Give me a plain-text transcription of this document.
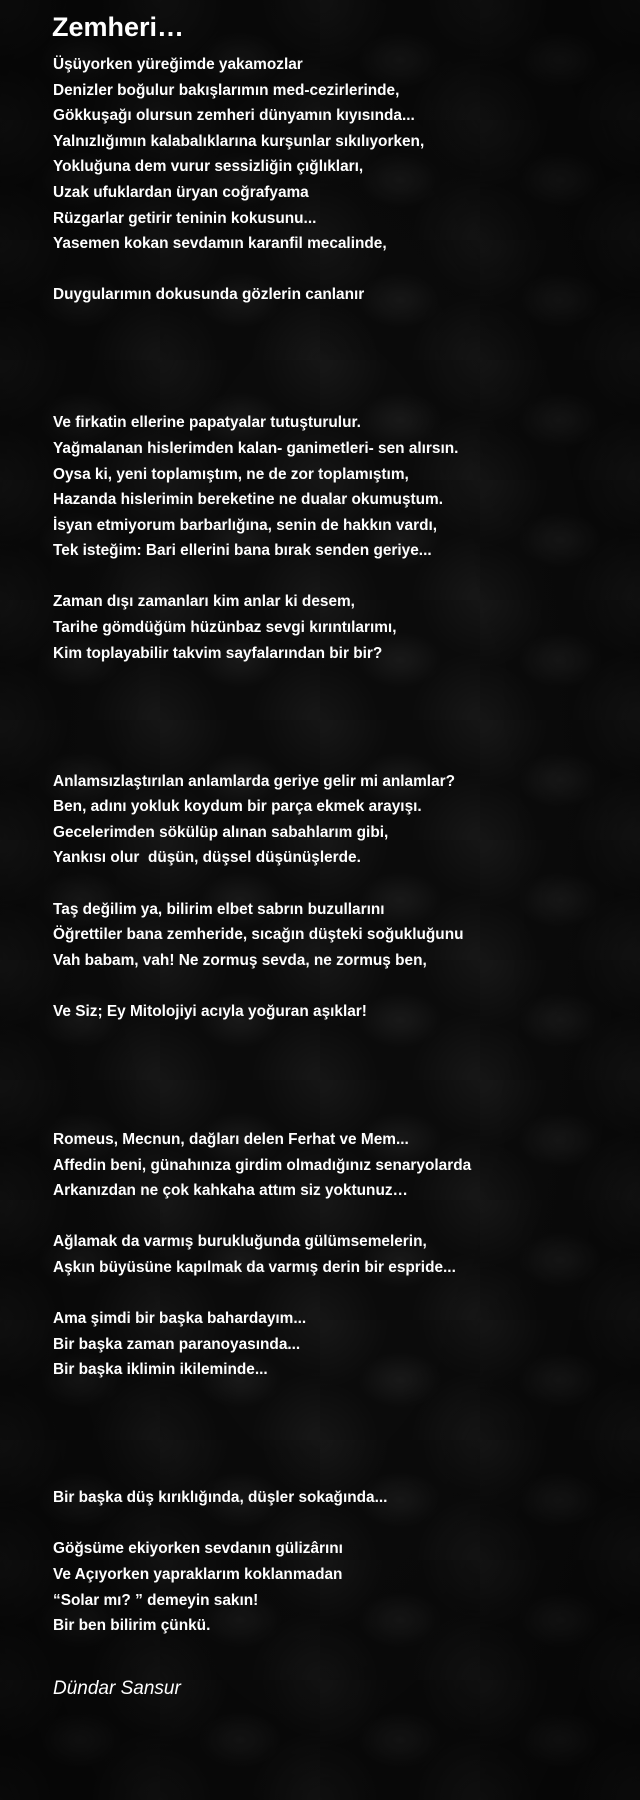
Zemheri…
Üşüyorken yüreğimde yakamozlar
Denizler boğulur bakışlarımın med-cezirlerinde,
Gökkuşağı olursun zemheri dünyamın kıyısında...
Yalnızlığımın kalabalıklarına kurşunlar sıkılıyorken,
Yokluğuna dem vurur sessizliğin çığlıkları,
Uzak ufuklardan üryan coğrafyama
Rüzgarlar getirir teninin kokusunu...
Yasemen kokan sevdamın karanfil mecalinde,
Duygularımın dokusunda gözlerin canlanır
Ve firkatin ellerine papatyalar tutuşturulur.
Yağmalanan hislerimden kalan- ganimetleri- sen alırsın.
Oysa ki, yeni toplamıştım, ne de zor toplamıştım,
Hazanda hislerimin bereketine ne dualar okumuştum.
İsyan etmiyorum barbarlığına, senin de hakkın vardı,
Tek isteğim: Bari ellerini bana bırak senden geriye...
Zaman dışı zamanları kim anlar ki desem,
Tarihe gömdüğüm hüzünbaz sevgi kırıntılarımı,
Kim toplayabilir takvim sayfalarından bir bir?
Anlamsızlaştırılan anlamlarda geriye gelir mi anlamlar?
Ben, adını yokluk koydum bir parça ekmek arayışı.
Gecelerimden sökülüp alınan sabahlarım gibi,
Yankısı olur  düşün, düşsel düşünüşlerde.
Taş değilim ya, bilirim elbet sabrın buzullarını
Öğrettiler bana zemheride, sıcağın düşteki soğukluğunu
Vah babam, vah! Ne zormuş sevda, ne zormuş ben,
Ve Siz; Ey Mitolojiyi acıyla yoğuran aşıklar!
Romeus, Mecnun, dağları delen Ferhat ve Mem...
Affedin beni, günahınıza girdim olmadığınız senaryolarda
Arkanızdan ne çok kahkaha attım siz yoktunuz…
Ağlamak da varmış burukluğunda gülümsemelerin,
Aşkın büyüsüne kapılmak da varmış derin bir espride...
Ama şimdi bir başka bahardayım...
Bir başka zaman paranoyasında...
Bir başka iklimin ikileminde...
Bir başka düş kırıklığında, düşler sokağında...
Göğsüme ekiyorken sevdanın gülizârını
Ve Açıyorken yapraklarım koklanmadan
“Solar mı? ” demeyin sakın!
Bir ben bilirim çünkü.
Dündar Sansur
